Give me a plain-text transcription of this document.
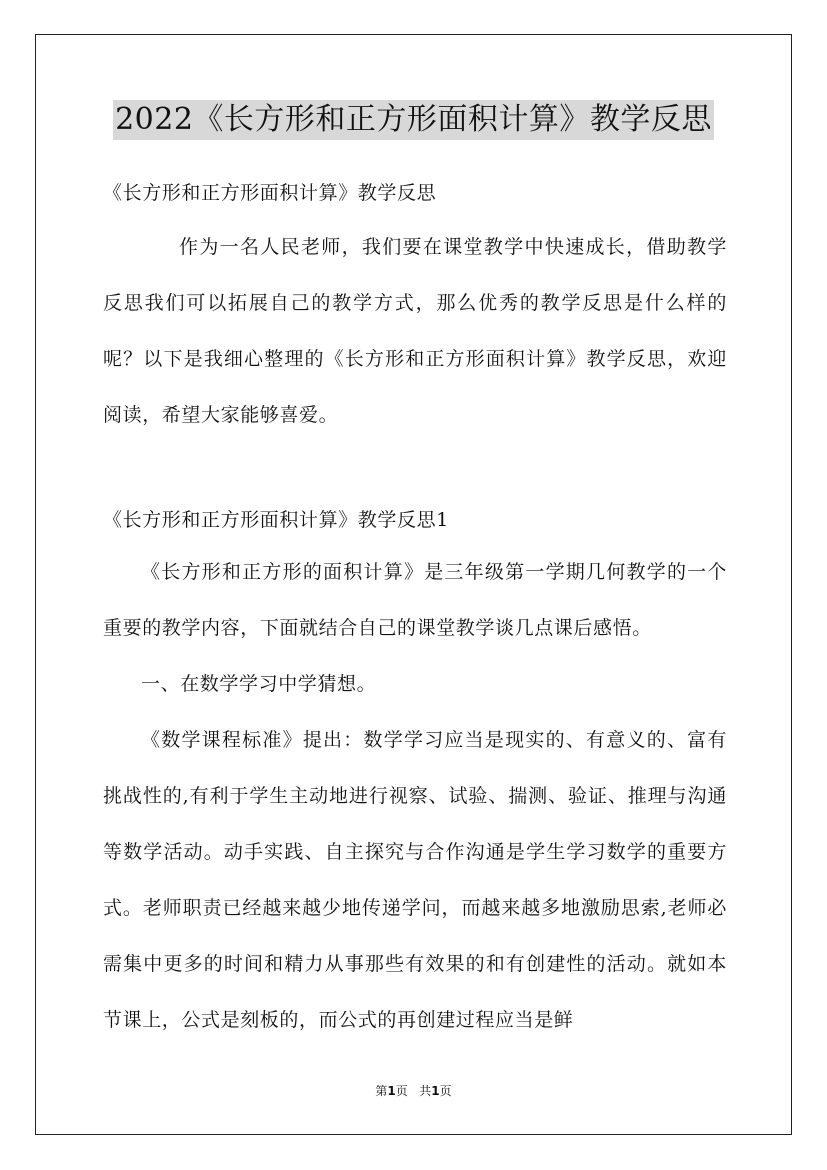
2022《长方形和正方形面积计算》教学反思
《长方形和正方形面积计算》教学反思
作为一名人民老师，我们要在课堂教学中快速成长，借助教学反思我们可以拓展自己的教学方式，那么优秀的教学反思是什么样的呢？以下是我细心整理的《长方形和正方形面积计算》教学反思，欢迎阅读，希望大家能够喜爱。
《长方形和正方形面积计算》教学反思1
《长方形和正方形的面积计算》是三年级第一学期几何教学的一个重要的教学内容，下面就结合自己的课堂教学谈几点课后感悟。
一、在数学学习中学猜想。
《数学课程标准》提出：数学学习应当是现实的、有意义的、富有挑战性的,有利于学生主动地进行视察、试验、揣测、验证、推理与沟通等数学活动。动手实践、自主探究与合作沟通是学生学习数学的重要方式。老师职责已经越来越少地传递学问，而越来越多地激励思索,老师必需集中更多的时间和精力从事那些有效果的和有创建性的活动。就如本节课上，公式是刻板的，而公式的再创建过程应当是鲜
第1页 共1页
